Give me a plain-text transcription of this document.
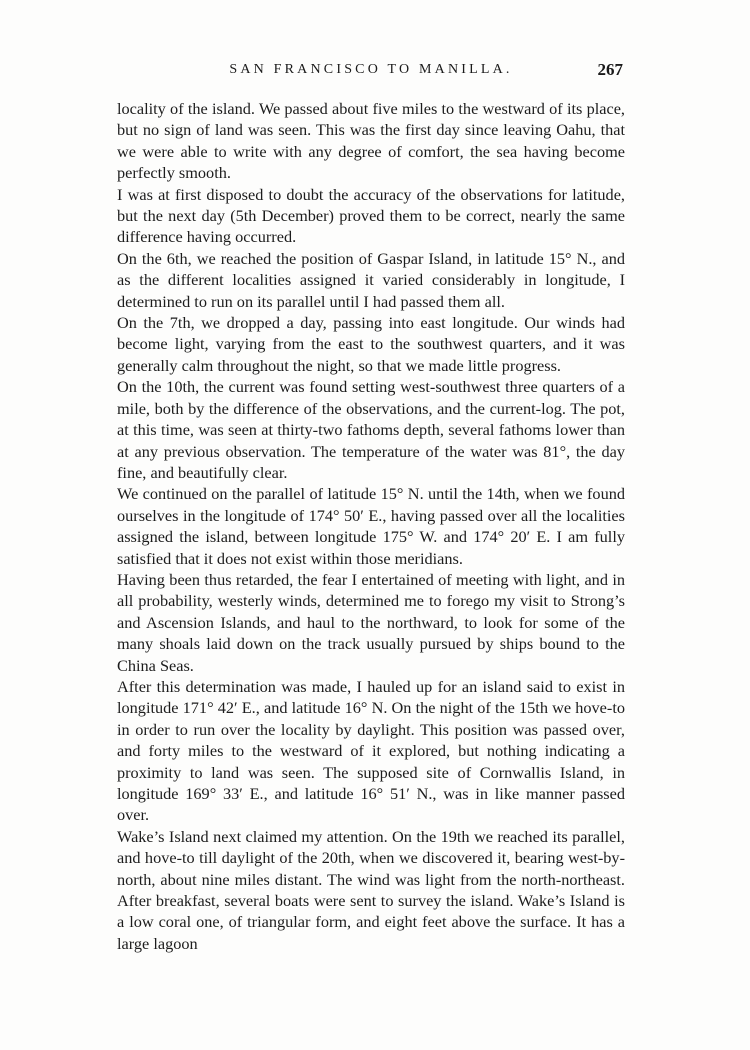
SAN FRANCISCO TO MANILLA.	267

locality of the island. We passed about five miles to the westward of its place, but no sign of land was seen. This was the first day since leaving Oahu, that we were able to write with any degree of comfort, the sea having become perfectly smooth.

I was at first disposed to doubt the accuracy of the observations for latitude, but the next day (5th December) proved them to be correct, nearly the same difference having occurred.

On the 6th, we reached the position of Gaspar Island, in latitude 15° N., and as the different localities assigned it varied considerably in longitude, I determined to run on its parallel until I had passed them all.

On the 7th, we dropped a day, passing into east longitude. Our winds had become light, varying from the east to the southwest quarters, and it was generally calm throughout the night, so that we made little progress.

On the 10th, the current was found setting west-southwest three quarters of a mile, both by the difference of the observations, and the current-log. The pot, at this time, was seen at thirty-two fathoms depth, several fathoms lower than at any previous observation. The temperature of the water was 81°, the day fine, and beautifully clear.

We continued on the parallel of latitude 15° N. until the 14th, when we found ourselves in the longitude of 174° 50′ E., having passed over all the localities assigned the island, between longitude 175° W. and 174° 20′ E. I am fully satisfied that it does not exist within those meridians.

Having been thus retarded, the fear I entertained of meeting with light, and in all probability, westerly winds, determined me to forego my visit to Strong’s and Ascension Islands, and haul to the northward, to look for some of the many shoals laid down on the track usually pursued by ships bound to the China Seas.

After this determination was made, I hauled up for an island said to exist in longitude 171° 42′ E., and latitude 16° N. On the night of the 15th we hove-to in order to run over the locality by daylight. This position was passed over, and forty miles to the westward of it explored, but nothing indicating a proximity to land was seen. The supposed site of Cornwallis Island, in longitude 169° 33′ E., and latitude 16° 51′ N., was in like manner passed over.

Wake’s Island next claimed my attention. On the 19th we reached its parallel, and hove-to till daylight of the 20th, when we discovered it, bearing west-by-north, about nine miles distant. The wind was light from the north-northeast. After breakfast, several boats were sent to survey the island. Wake’s Island is a low coral one, of triangular form, and eight feet above the surface. It has a large lagoon
